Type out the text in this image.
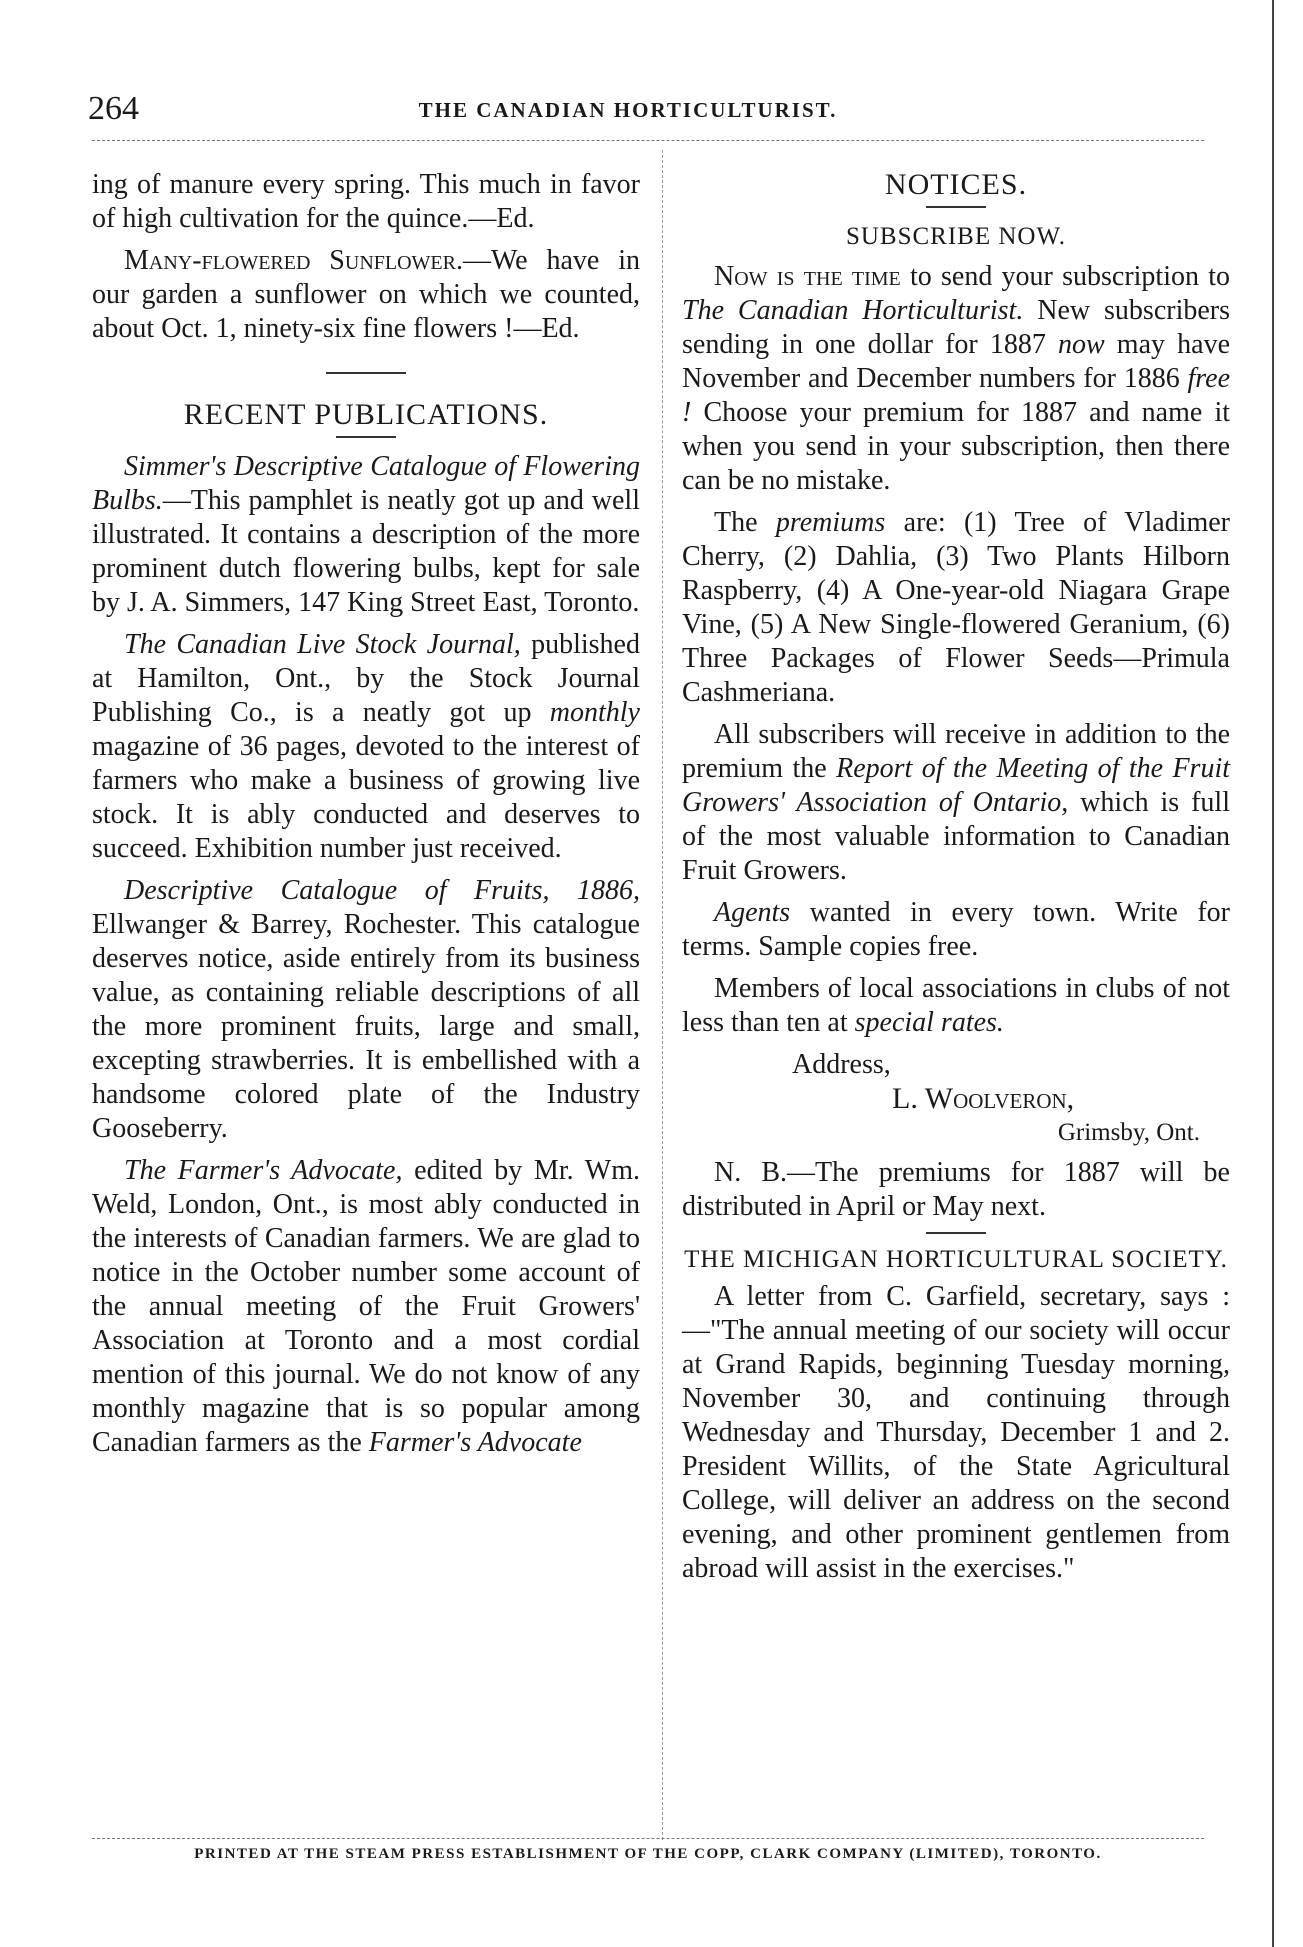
264	THE CANADIAN HORTICULTURIST.

ing of manure every spring. This much in favor of high cultivation for the quince.—Ed.

Many-flowered Sunflower.—We have in our garden a sunflower on which we counted, about Oct. 1, ninety-six fine flowers !—Ed.

RECENT PUBLICATIONS.

Simmer's Descriptive Catalogue of Flowering Bulbs.—This pamphlet is neatly got up and well illustrated. It contains a description of the more prominent dutch flowering bulbs, kept for sale by J. A. Simmers, 147 King Street East, Toronto.

The Canadian Live Stock Journal, published at Hamilton, Ont., by the Stock Journal Publishing Co., is a neatly got up monthly magazine of 36 pages, devoted to the interest of farmers who make a business of growing live stock. It is ably conducted and deserves to succeed. Exhibition number just received.

Descriptive Catalogue of Fruits, 1886, Ellwanger & Barrey, Rochester. This catalogue deserves notice, aside entirely from its business value, as containing reliable descriptions of all the more prominent fruits, large and small, excepting strawberries. It is embellished with a handsome colored plate of the Industry Gooseberry.

The Farmer's Advocate, edited by Mr. Wm. Weld, London, Ont., is most ably conducted in the interests of Canadian farmers. We are glad to notice in the October number some account of the annual meeting of the Fruit Growers' Association at Toronto and a most cordial mention of this journal. We do not know of any monthly magazine that is so popular among Canadian farmers as the Farmer's Advocate

NOTICES.

SUBSCRIBE NOW.

Now is the time to send your subscription to The Canadian Horticulturist. New subscribers sending in one dollar for 1887 now may have November and December numbers for 1886 free ! Choose your premium for 1887 and name it when you send in your subscription, then there can be no mistake.

The premiums are: (1) Tree of Vladimer Cherry, (2) Dahlia, (3) Two Plants Hilborn Raspberry, (4) A One-year-old Niagara Grape Vine, (5) A New Single-flowered Geranium, (6) Three Packages of Flower Seeds—Primula Cashmeriana.

All subscribers will receive in addition to the premium the Report of the Meeting of the Fruit Growers' Association of Ontario, which is full of the most valuable information to Canadian Fruit Growers.

Agents wanted in every town. Write for terms. Sample copies free.

Members of local associations in clubs of not less than ten at special rates.

Address,

L. Woolveron,

Grimsby, Ont.

N. B.—The premiums for 1887 will be distributed in April or May next.

THE MICHIGAN HORTICULTURAL SOCIETY.

A letter from C. Garfield, secretary, says :—"The annual meeting of our society will occur at Grand Rapids, beginning Tuesday morning, November 30, and continuing through Wednesday and Thursday, December 1 and 2. President Willits, of the State Agricultural College, will deliver an address on the second evening, and other prominent gentlemen from abroad will assist in the exercises."

PRINTED AT THE STEAM PRESS ESTABLISHMENT OF THE COPP, CLARK COMPANY (LIMITED), TORONTO.
